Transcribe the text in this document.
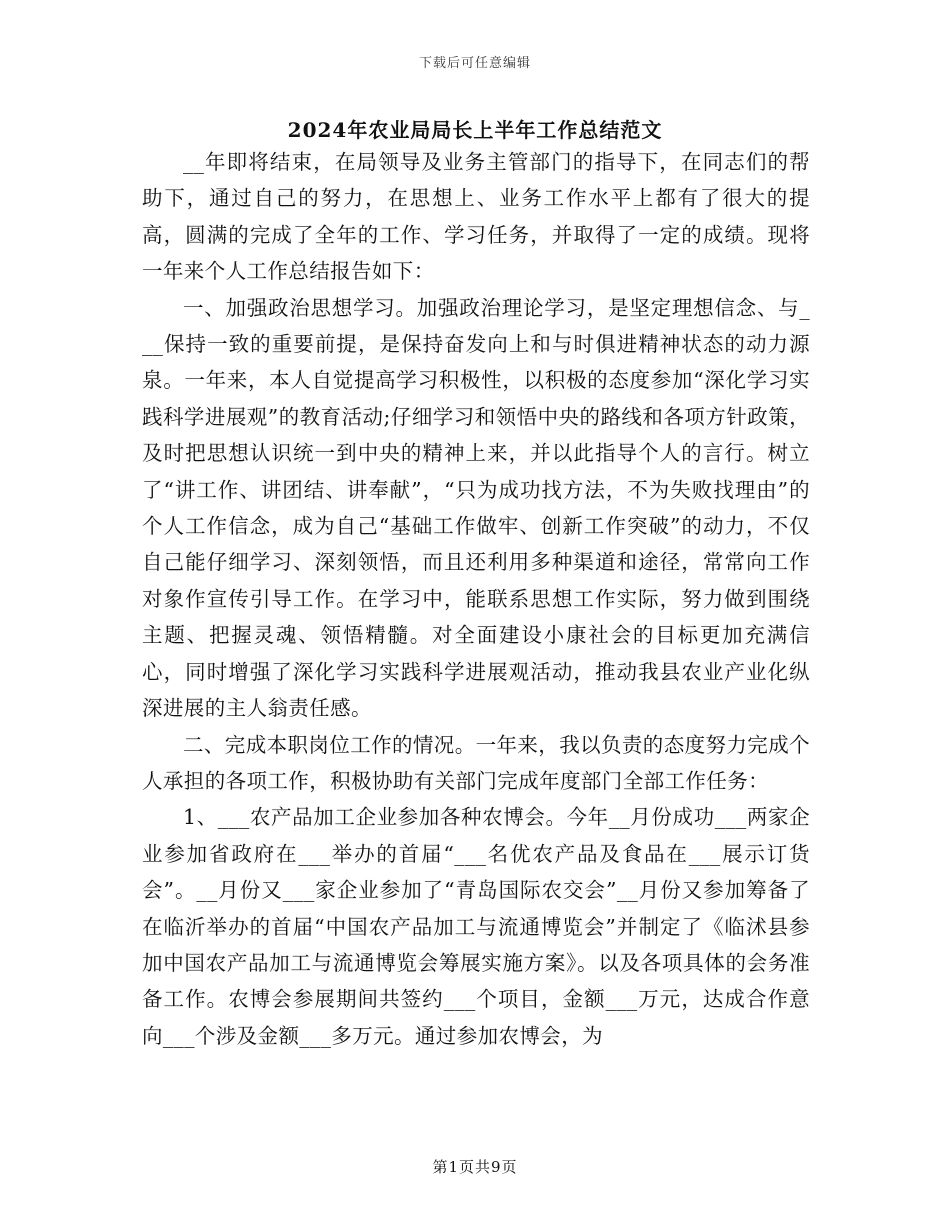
下载后可任意编辑
2024年农业局局长上半年工作总结范文

__年即将结束，在局领导及业务主管部门的指导下，在同志们的帮助下，通过自己的努力，在思想上、业务工作水平上都有了很大的提高，圆满的完成了全年的工作、学习任务，并取得了一定的成绩。现将一年来个人工作总结报告如下：

一、加强政治思想学习。加强政治理论学习，是坚定理想信念、与___保持一致的重要前提，是保持奋发向上和与时俱进精神状态的动力源泉。一年来，本人自觉提高学习积极性，以积极的态度参加“深化学习实践科学进展观”的教育活动;仔细学习和领悟中央的路线和各项方针政策，及时把思想认识统一到中央的精神上来，并以此指导个人的言行。树立了“讲工作、讲团结、讲奉献”，“只为成功找方法，不为失败找理由”的个人工作信念，成为自己“基础工作做牢、创新工作突破”的动力，不仅自己能仔细学习、深刻领悟，而且还利用多种渠道和途径，常常向工作对象作宣传引导工作。在学习中，能联系思想工作实际，努力做到围绕主题、把握灵魂、领悟精髓。对全面建设小康社会的目标更加充满信心，同时增强了深化学习实践科学进展观活动，推动我县农业产业化纵深进展的主人翁责任感。

二、完成本职岗位工作的情况。一年来，我以负责的态度努力完成个人承担的各项工作，积极协助有关部门完成年度部门全部工作任务：

1、___农产品加工企业参加各种农博会。今年__月份成功___两家企业参加省政府在___举办的首届“___名优农产品及食品在___展示订货会”。__月份又___家企业参加了“青岛国际农交会”__月份又参加筹备了在临沂举办的首届“中国农产品加工与流通博览会”并制定了《临沭县参加中国农产品加工与流通博览会筹展实施方案》。以及各项具体的会务准备工作。农博会参展期间共签约___个项目，金额___万元，达成合作意向___个涉及金额___多万元。通过参加农博会，为

第1页共9页
